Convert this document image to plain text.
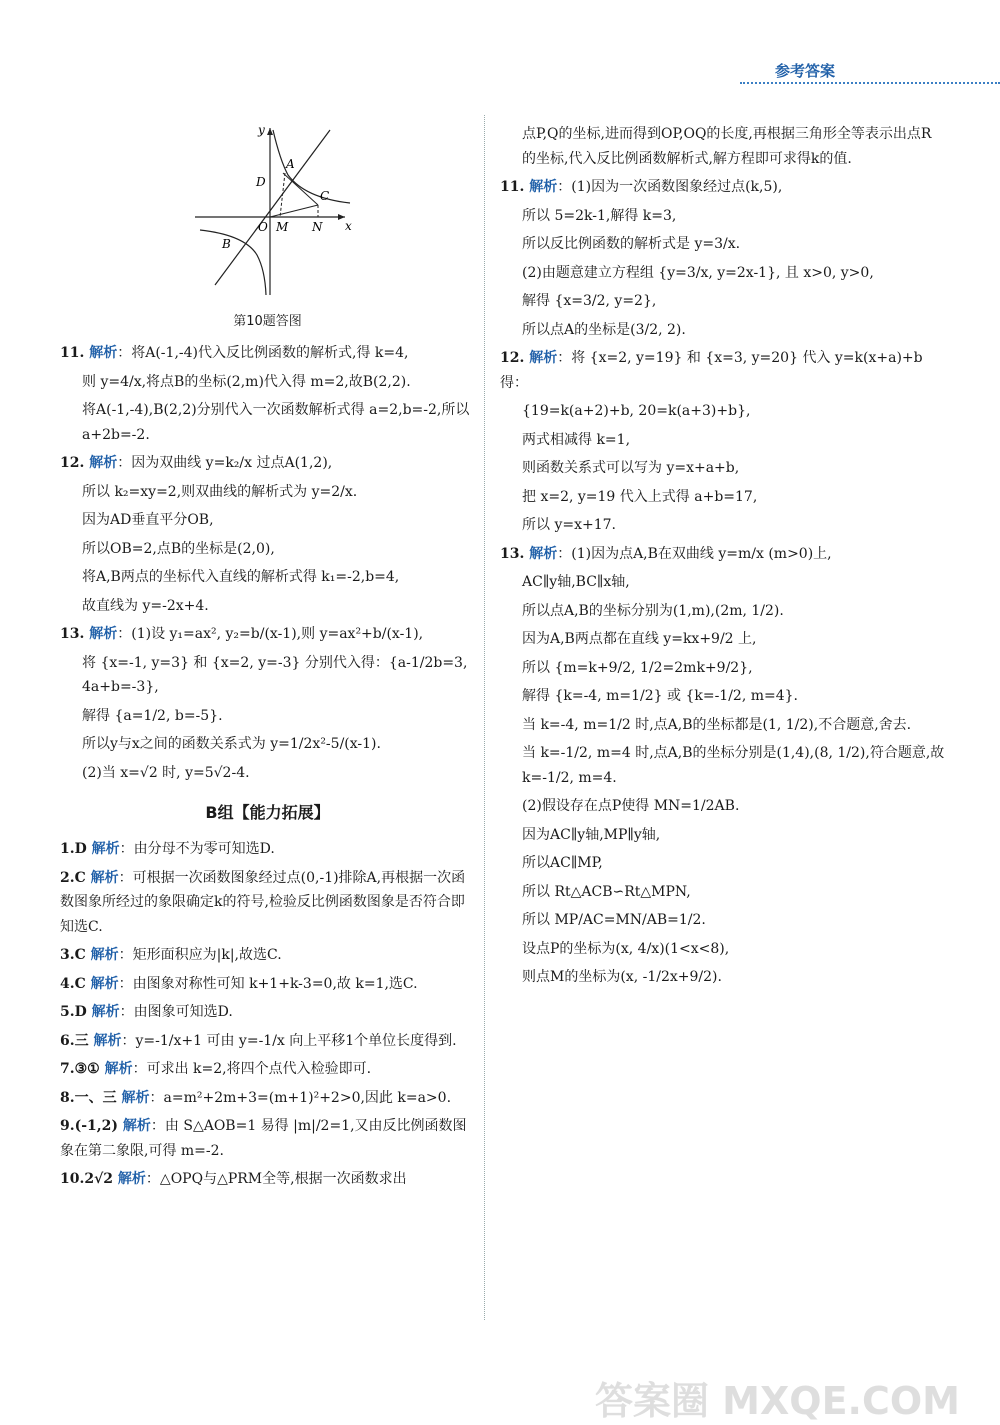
参考答案
y
x
A
D
C
B
O M N
第10题答图
11. 解析：将A(-1,-4)代入反比例函数的解析式,得 k=4,
则 y=4/x,将点B的坐标(2,m)代入得 m=2,故B(2,2).
将A(-1,-4),B(2,2)分别代入一次函数解析式得 a=2,b=-2,所以 a+2b=-2.
12. 解析：因为双曲线 y=k₂/x 过点A(1,2),
所以 k₂=xy=2,则双曲线的解析式为 y=2/x.
因为AD垂直平分OB,
所以OB=2,点B的坐标是(2,0),
将A,B两点的坐标代入直线的解析式得 k₁=-2,b=4,
故直线为 y=-2x+4.
13. 解析：(1)设 y₁=ax², y₂=b/(x-1),则 y=ax²+b/(x-1),
将 {x=-1, y=3} 和 {x=2, y=-3} 分别代入得：{a-1/2b=3, 4a+b=-3},
解得 {a=1/2, b=-5}.
所以y与x之间的函数关系式为 y=1/2x²-5/(x-1).
(2)当 x=√2 时, y=5√2-4.
B组【能力拓展】
1.D 解析：由分母不为零可知选D.
2.C 解析：可根据一次函数图象经过点(0,-1)排除A,再根据一次函数图象所经过的象限确定k的符号,检验反比例函数图象是否符合即知选C.
3.C 解析：矩形面积应为|k|,故选C.
4.C 解析：由图象对称性可知 k+1+k-3=0,故 k=1,选C.
5.D 解析：由图象可知选D.
6.三 解析：y=-1/x+1 可由 y=-1/x 向上平移1个单位长度得到.
7.③① 解析：可求出 k=2,将四个点代入检验即可.
8.一、三 解析：a=m²+2m+3=(m+1)²+2>0,因此 k=a>0.
9.(-1,2) 解析：由 S△AOB=1 易得 |m|/2=1,又由反比例函数图象在第二象限,可得 m=-2.
10.2√2 解析：△OPQ与△PRM全等,根据一次函数求出
点P,Q的坐标,进而得到OP,OQ的长度,再根据三角形全等表示出点R的坐标,代入反比例函数解析式,解方程即可求得k的值.
11. 解析：(1)因为一次函数图象经过点(k,5),
所以 5=2k-1,解得 k=3,
所以反比例函数的解析式是 y=3/x.
(2)由题意建立方程组 {y=3/x, y=2x-1}, 且 x>0, y>0,
解得 {x=3/2, y=2},
所以点A的坐标是(3/2, 2).
12. 解析：将 {x=2, y=19} 和 {x=3, y=20} 代入 y=k(x+a)+b 得：
{19=k(a+2)+b, 20=k(a+3)+b},
两式相减得 k=1,
则函数关系式可以写为 y=x+a+b,
把 x=2, y=19 代入上式得 a+b=17,
所以 y=x+17.
13. 解析：(1)因为点A,B在双曲线 y=m/x (m>0)上,
AC∥y轴,BC∥x轴,
所以点A,B的坐标分别为(1,m),(2m, 1/2).
因为A,B两点都在直线 y=kx+9/2 上,
所以 {m=k+9/2, 1/2=2mk+9/2},
解得 {k=-4, m=1/2} 或 {k=-1/2, m=4}.
当 k=-4, m=1/2 时,点A,B的坐标都是(1, 1/2),不合题意,舍去.
当 k=-1/2, m=4 时,点A,B的坐标分别是(1,4),(8, 1/2),符合题意,故 k=-1/2, m=4.
(2)假设存在点P使得 MN=1/2AB.
因为AC∥y轴,MP∥y轴,
所以AC∥MP,
所以 Rt△ACB∽Rt△MPN,
所以 MP/AC=MN/AB=1/2.
设点P的坐标为(x, 4/x)(1<x<8),
则点M的坐标为(x, -1/2x+9/2).
答案圈 MXQE.COM
